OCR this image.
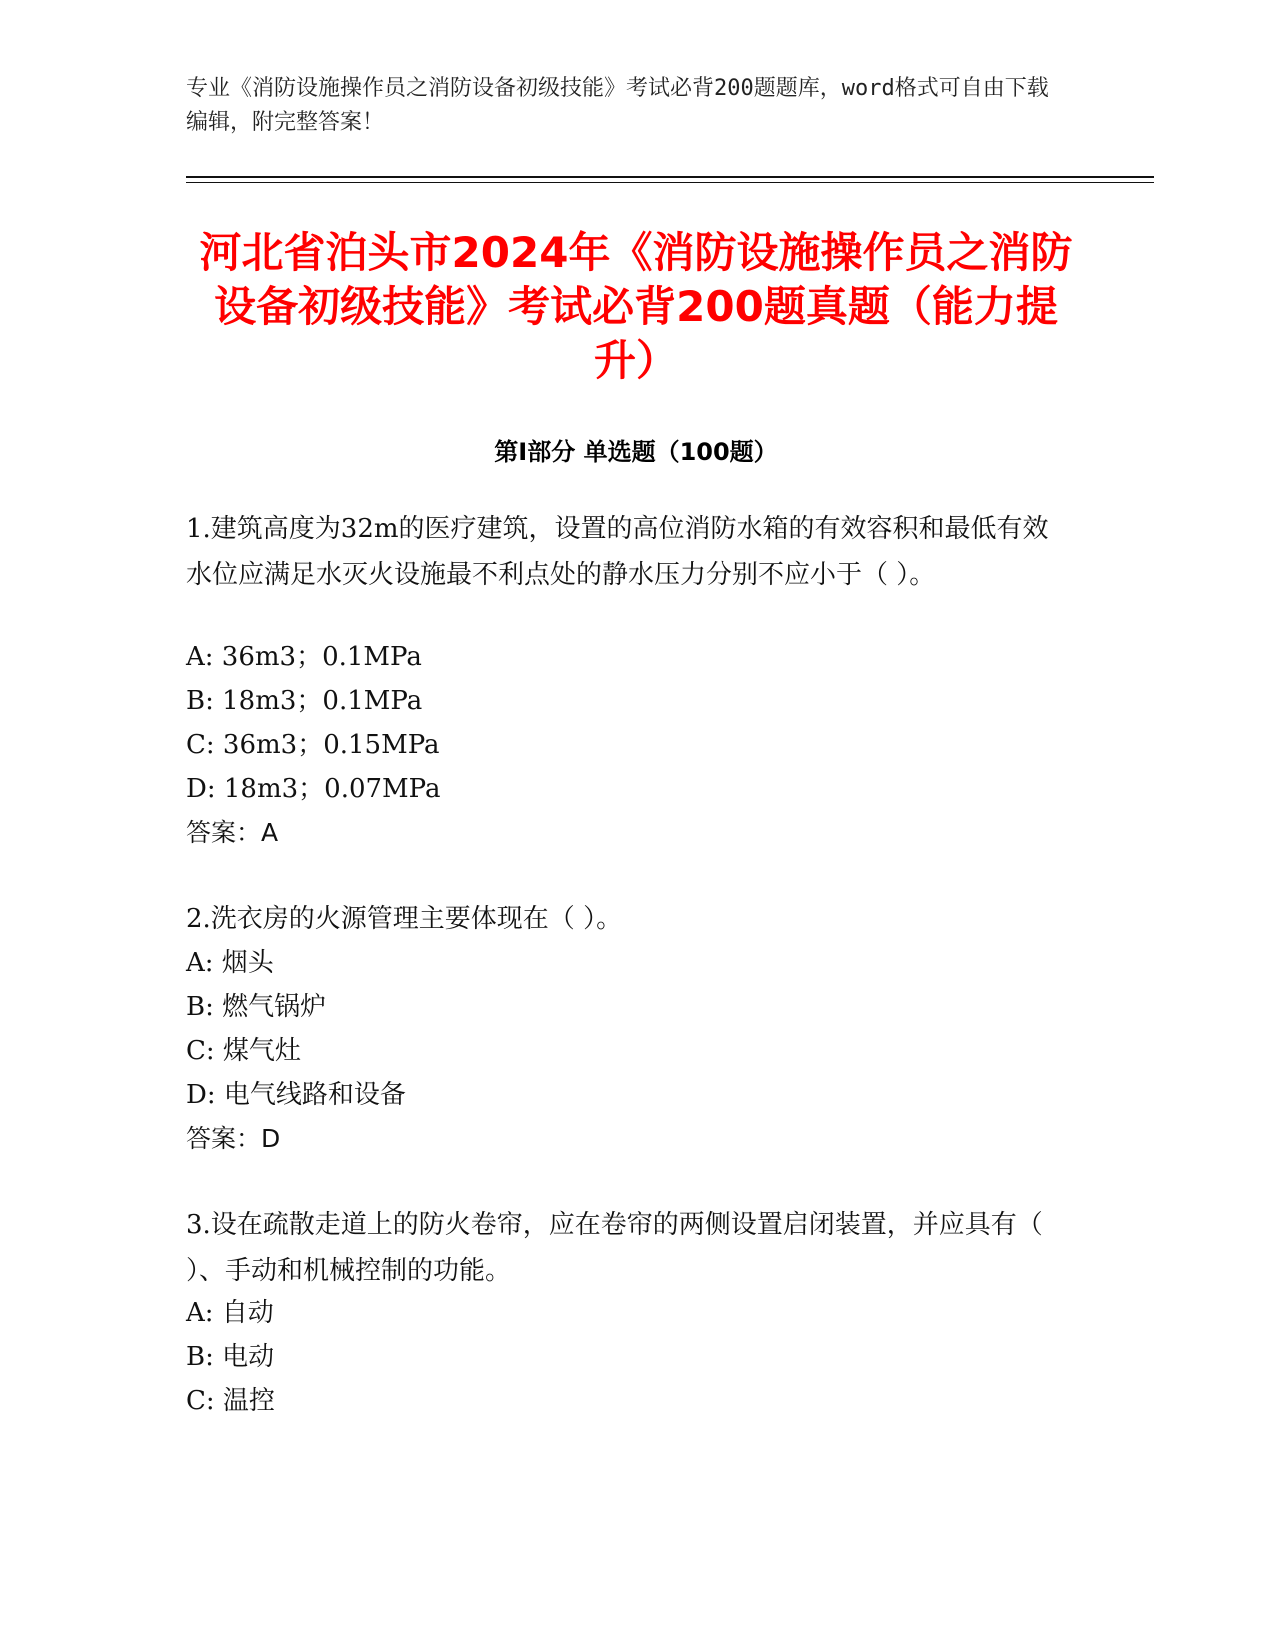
专业《消防设施操作员之消防设备初级技能》考试必背200题题库，word格式可自由下载编辑，附完整答案！
河北省泊头市2024年《消防设施操作员之消防设备初级技能》考试必背200题真题（能力提升）
第I部分 单选题（100题）
1.建筑高度为32m的医疗建筑，设置的高位消防水箱的有效容积和最低有效水位应满足水灭火设施最不利点处的静水压力分别不应小于（ ）。
A: 36m3；0.1MPa
B: 18m3；0.1MPa
C: 36m3；0.15MPa
D: 18m3；0.07MPa
答案：A
2.洗衣房的火源管理主要体现在（ ）。
A: 烟头
B: 燃气锅炉
C: 煤气灶
D: 电气线路和设备
答案：D
3.设在疏散走道上的防火卷帘，应在卷帘的两侧设置启闭装置，并应具有（ ）、手动和机械控制的功能。
A: 自动
B: 电动
C: 温控
